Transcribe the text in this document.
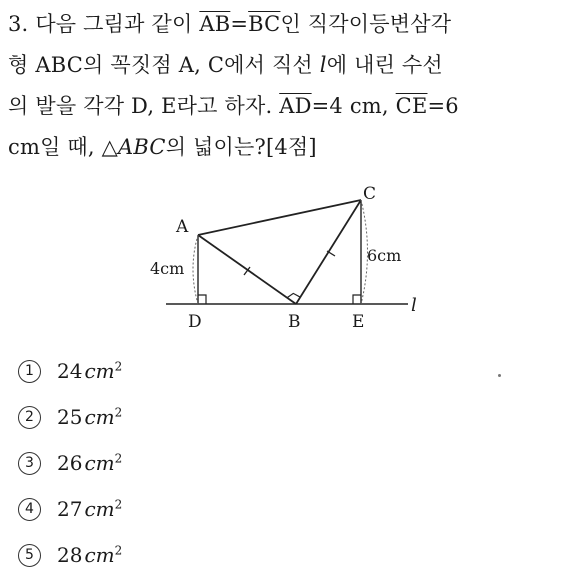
3. 다음 그림과 같이 $\overline{AB}=\overline{BC}$인 직각이등변삼각
형 ABC의 꼭짓점 A, C에서 직선 l에 내린 수선
의 발을 각각 D, E라고 하자. $\overline{AD}=4$ cm, $\overline{CE}=6$
cm일 때, △ABC의 넓이는?[4점]
A
C
D	B	E
l
4cm
6cm
1	24 $cm^2$
2	25 $cm^2$
3	26 $cm^2$
4	27 $cm^2$
5	28 $cm^2$
